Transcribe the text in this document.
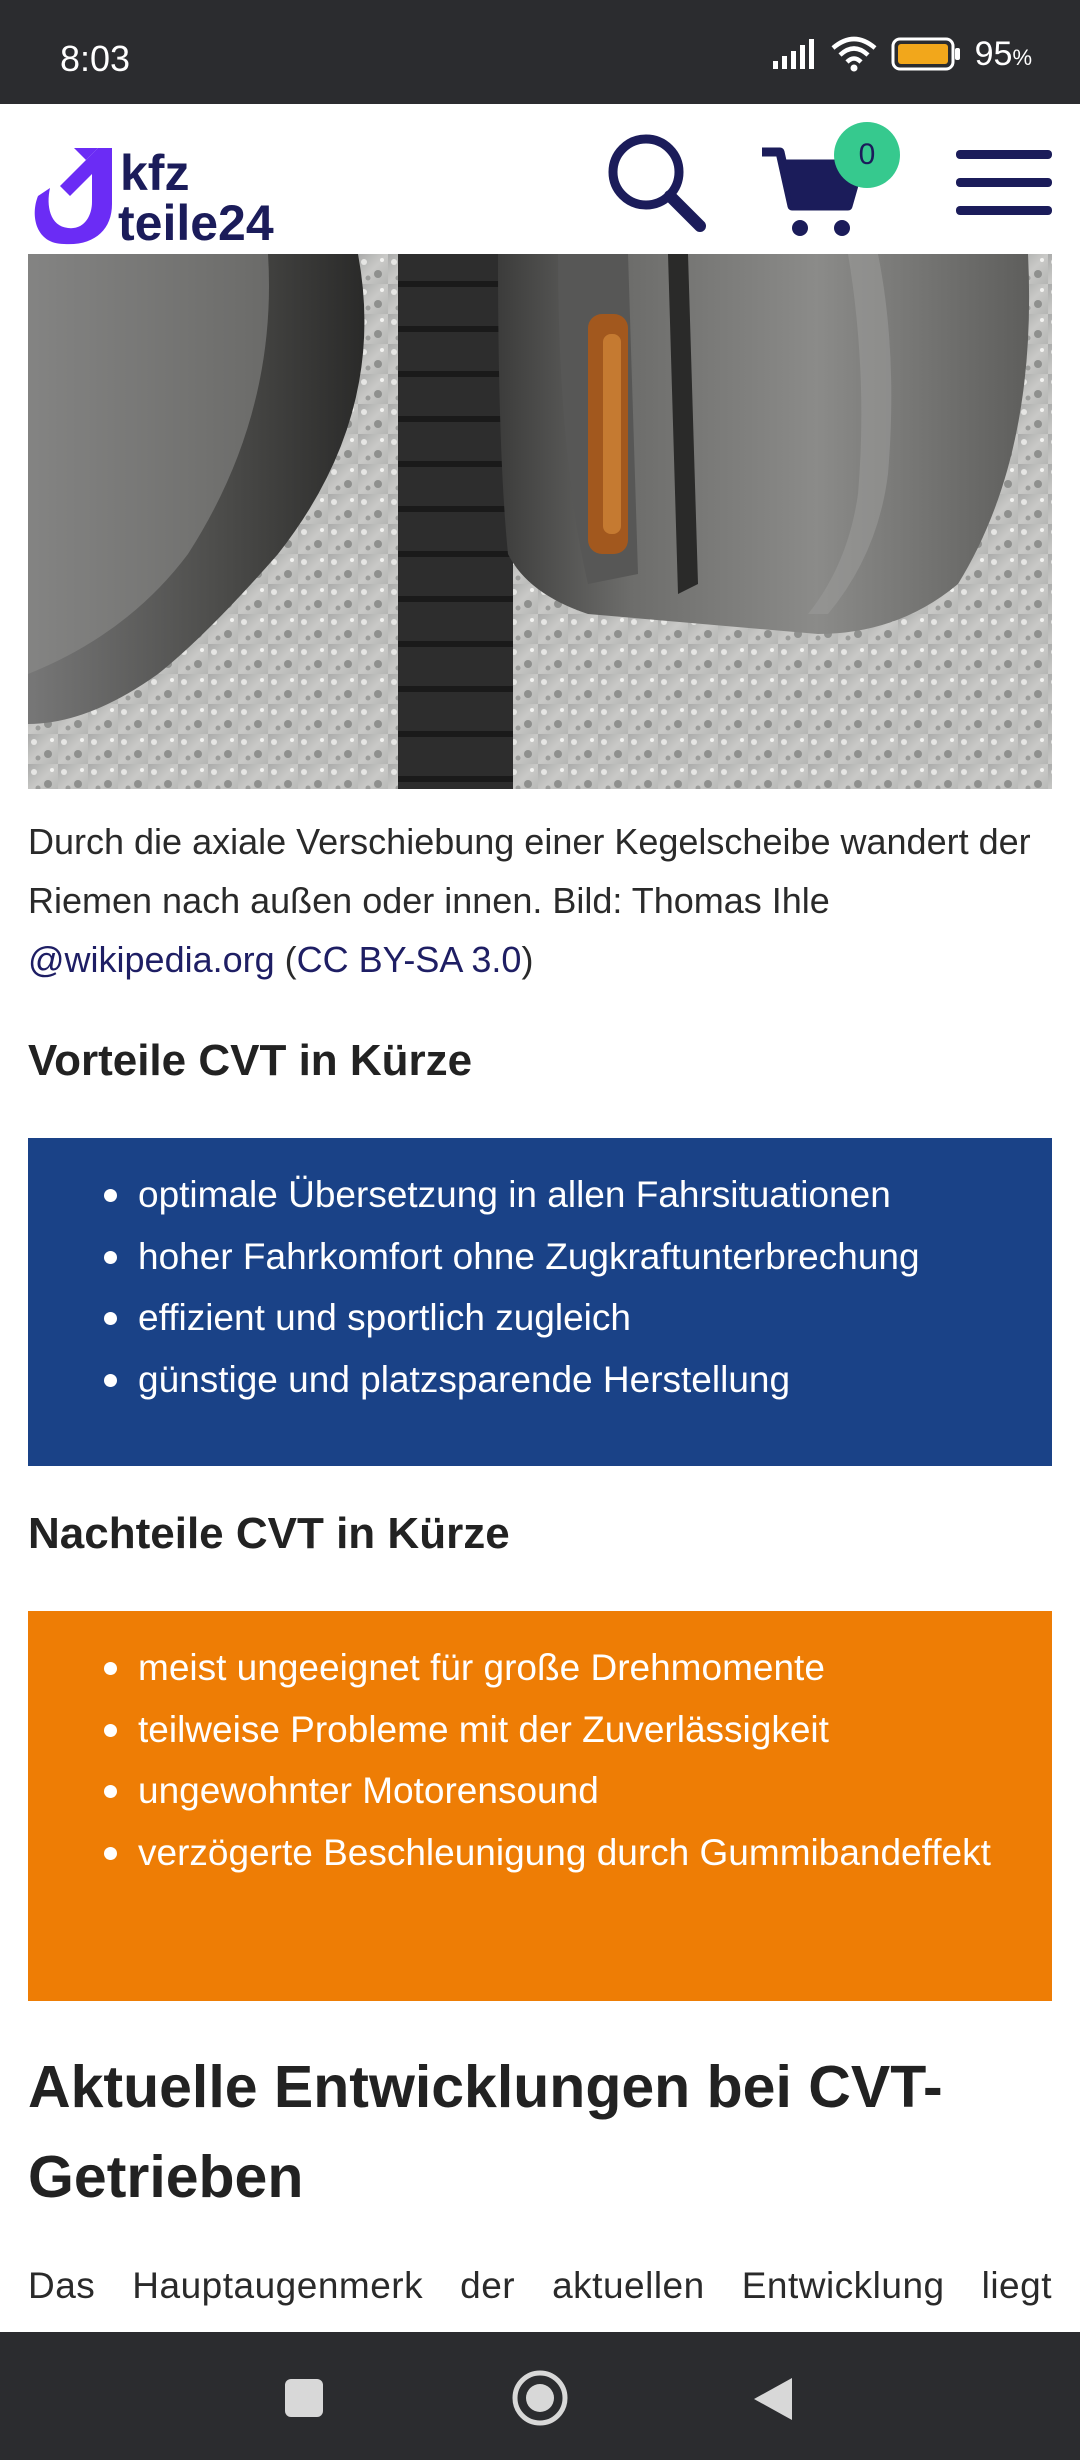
8:03	95%
kfz
teile24
0

Durch die axiale Verschiebung einer Kegelscheibe wandert der Riemen nach außen oder innen. Bild: Thomas Ihle @wikipedia.org (CC BY-SA 3.0)

Vorteile CVT in Kürze
optimale Übersetzung in allen Fahrsituationen
hoher Fahrkomfort ohne Zugkraftunterbrechung
effizient und sportlich zugleich
günstige und platzsparende Herstellung
Nachteile CVT in Kürze
meist ungeeignet für große Drehmomente
teilweise Probleme mit der Zuverlässigkeit
ungewohnter Motorensound
verzögerte Beschleunigung durch Gummibandeffekt
Aktuelle Entwicklungen bei CVT-Getrieben

Das Hauptaugenmerk der aktuellen Entwicklung liegt
